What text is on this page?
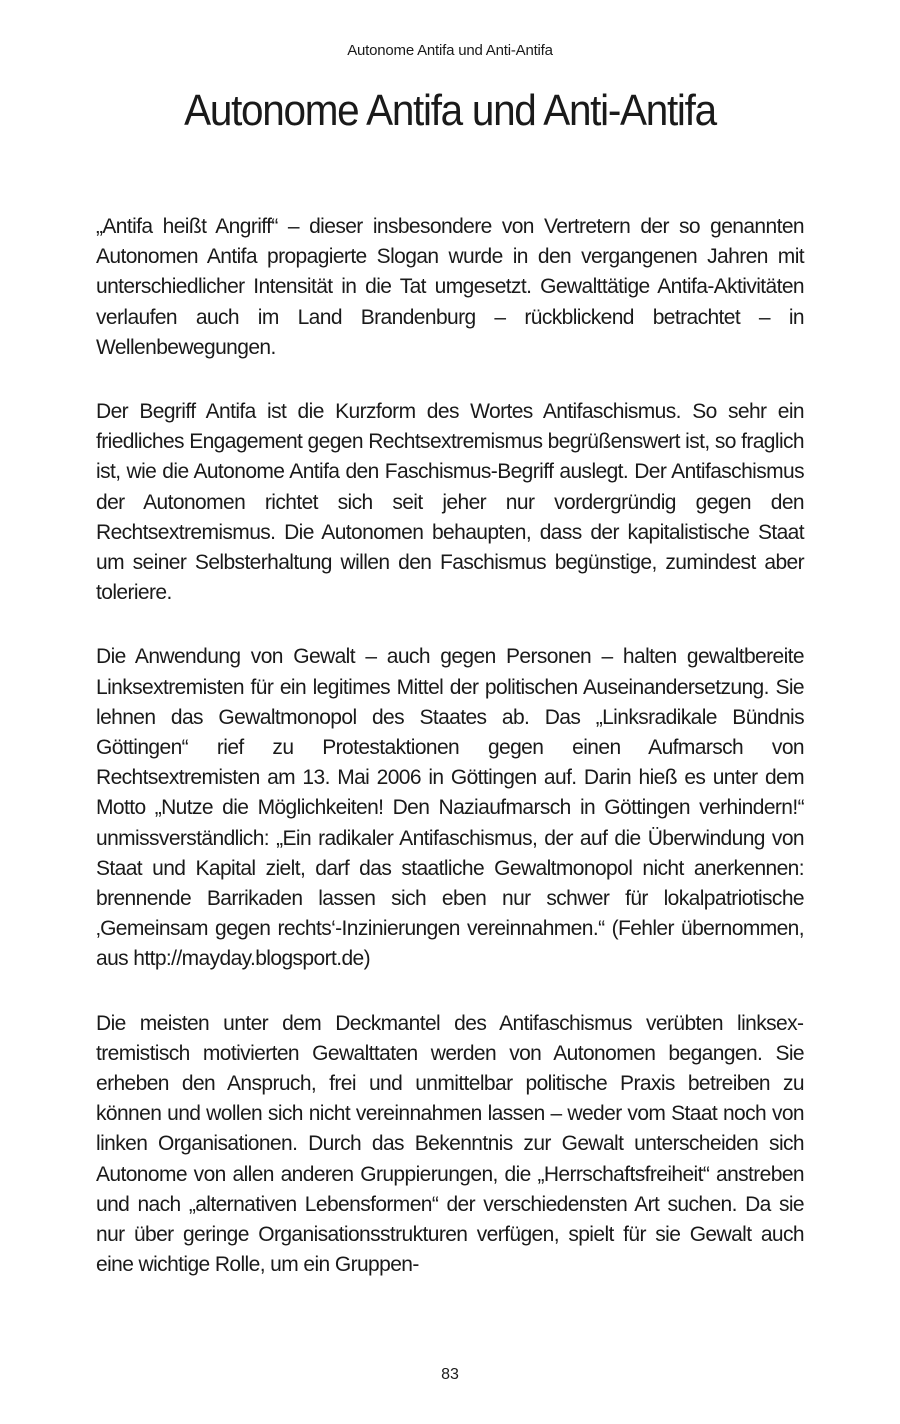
Autonome Antifa und Anti-Antifa
Autonome Antifa und Anti-Antifa

„Antifa heißt Angriff“ – dieser insbesondere von Vertretern der so genannten Autonomen Antifa propagierte Slogan wurde in den vergangenen Jahren mit unterschiedlicher Intensität in die Tat umgesetzt. Gewalttätige Antifa-Aktivitäten verlaufen auch im Land Brandenburg – rückblickend betrachtet – in Wellenbewegungen.

Der Begriff Antifa ist die Kurzform des Wortes Antifaschismus. So sehr ein friedliches Engagement gegen Rechtsextremismus begrüßenswert ist, so fraglich ist, wie die Autonome Antifa den Faschismus-Begriff auslegt. Der Antifaschismus der Autonomen richtet sich seit jeher nur vordergründig gegen den Rechtsextremismus. Die Autonomen behaupten, dass der kapitalistische Staat um seiner Selbsterhaltung willen den Faschismus begünstige, zumindest aber toleriere.

Die Anwendung von Gewalt – auch gegen Personen – halten gewaltbereite Linksextremisten für ein legitimes Mittel der politischen Auseinandersetzung. Sie lehnen das Gewaltmonopol des Staates ab. Das „Linksradikale Bündnis Göttingen“ rief zu Protestaktionen gegen einen Aufmarsch von Rechtsextremisten am 13. Mai 2006 in Göttingen auf. Darin hieß es unter dem Motto „Nutze die Möglichkeiten! Den Naziaufmarsch in Göttingen verhindern!“ unmissverständlich: „Ein radikaler Antifaschismus, der auf die Überwindung von Staat und Kapital zielt, darf das staatliche Gewaltmonopol nicht anerkennen: brennende Barrikaden lassen sich eben nur schwer für lokalpatriotische ‚Gemeinsam gegen rechts‘-Inzinierungen vereinnahmen.“ (Fehler übernommen, aus http://mayday.blogsport.de)

Die meisten unter dem Deckmantel des Antifaschismus verübten linksextremistisch motivierten Gewalttaten werden von Autonomen begangen. Sie erheben den Anspruch, frei und unmittelbar politische Praxis betreiben zu können und wollen sich nicht vereinnahmen lassen – weder vom Staat noch von linken Organisationen. Durch das Bekenntnis zur Gewalt unterscheiden sich Autonome von allen anderen Gruppierungen, die „Herrschaftsfreiheit“ anstreben und nach „alternativen Lebensformen“ der verschiedensten Art suchen. Da sie nur über geringe Organisationsstrukturen verfügen, spielt für sie Gewalt auch eine wichtige Rolle, um ein Gruppen-

83
